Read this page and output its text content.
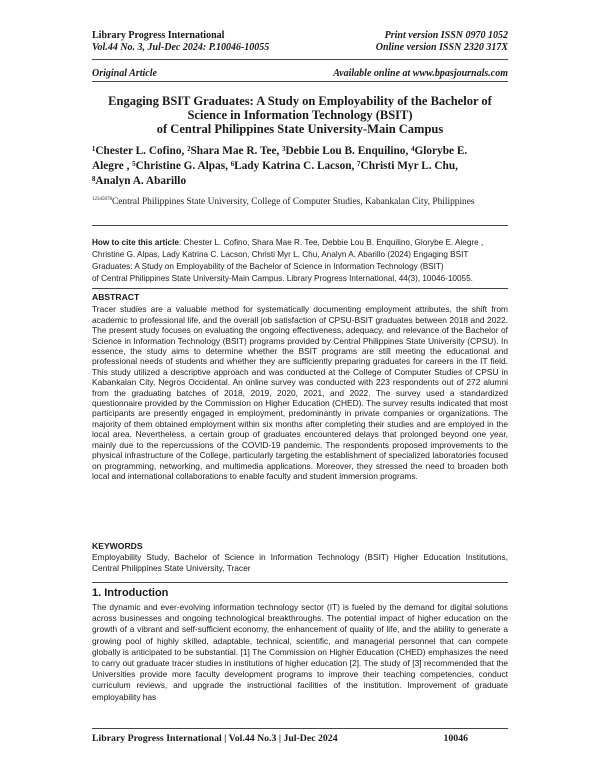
Library Progress International
Vol.44 No. 3, Jul-Dec 2024: P.10046-10055
Print version ISSN 0970 1052
Online version ISSN 2320 317X
Original Article	Available online at www.bpasjournals.com
Engaging BSIT Graduates: A Study on Employability of the Bachelor of
Science in Information Technology (BSIT)
of Central Philippines State University-Main Campus
¹Chester L. Cofino, ²Shara Mae R. Tee, ³Debbie Lou B. Enquilino, ⁴Glorybe E.
Alegre , ⁵Christine G. Alpas, ⁶Lady Katrina C. Lacson, ⁷Christi Myr L. Chu,
⁸Analyn A. Abarillo
$^{12345678}$Central Philippines State University, College of Computer Studies, Kabankalan City, Philippines
How to cite this article: Chester L. Cofino, Shara Mae R. Tee, Debbie Lou B. Enquilino, Glorybe E. Alegre ,
Christine G. Alpas, Lady Katrina C. Lacson, Christi Myr L. Chu, Analyn A. Abarillo (2024) Engaging BSIT
Graduates: A Study on Employability of the Bachelor of Science in Information Technology (BSIT)
of Central Philippines State University-Main Campus. Library Progress International, 44(3), 10046-10055.
ABSTRACT
Tracer studies are a valuable method for systematically documenting employment attributes, the shift from academic to professional life, and the overall job satisfaction of CPSU-BSIT graduates between 2018 and 2022. The present study focuses on evaluating the ongoing effectiveness, adequacy, and relevance of the Bachelor of Science in Information Technology (BSIT) programs provided by Central Philippines State University (CPSU). In essence, the study aims to determine whether the BSIT programs are still meeting the educational and professional needs of students and whether they are sufficiently preparing graduates for careers in the IT field. This study utilized a descriptive approach and was conducted at the College of Computer Studies of CPSU in Kabankalan City, Negros Occidental. An online survey was conducted with 223 respondents out of 272 alumni from the graduating batches of 2018, 2019, 2020, 2021, and 2022. The survey used a standardized questionnaire provided by the Commission on Higher Education (CHED). The survey results indicated that most participants are presently engaged in employment, predominantly in private companies or organizations. The majority of them obtained employment within six months after completing their studies and are employed in the local area. Nevertheless, a certain group of graduates encountered delays that prolonged beyond one year, mainly due to the repercussions of the COVID-19 pandemic. The respondents proposed improvements to the physical infrastructure of the College, particularly targeting the establishment of specialized laboratories focused on programming, networking, and multimedia applications. Moreover, they stressed the need to broaden both local and international collaborations to enable faculty and student immersion programs.
KEYWORDS
Employability Study, Bachelor of Science in Information Technology (BSIT) Higher Education Institutions, Central Philippines State University, Tracer
1. Introduction
The dynamic and ever-evolving information technology sector (IT) is fueled by the demand for digital solutions across businesses and ongoing technological breakthroughs. The potential impact of higher education on the growth of a vibrant and self-sufficient economy, the enhancement of quality of life, and the ability to generate a growing pool of highly skilled, adaptable, technical, scientific, and managerial personnel that can compete globally is anticipated to be substantial. [1] The Commission on Higher Education (CHED) emphasizes the need to carry out graduate tracer studies in institutions of higher education [2]. The study of [3] recommended that the Universities provide more faculty development programs to improve their teaching competencies, conduct curriculum reviews, and upgrade the instructional facilities of the institution. Improvement of graduate employability has
Library Progress International | Vol.44 No.3 | Jul-Dec 2024	10046
